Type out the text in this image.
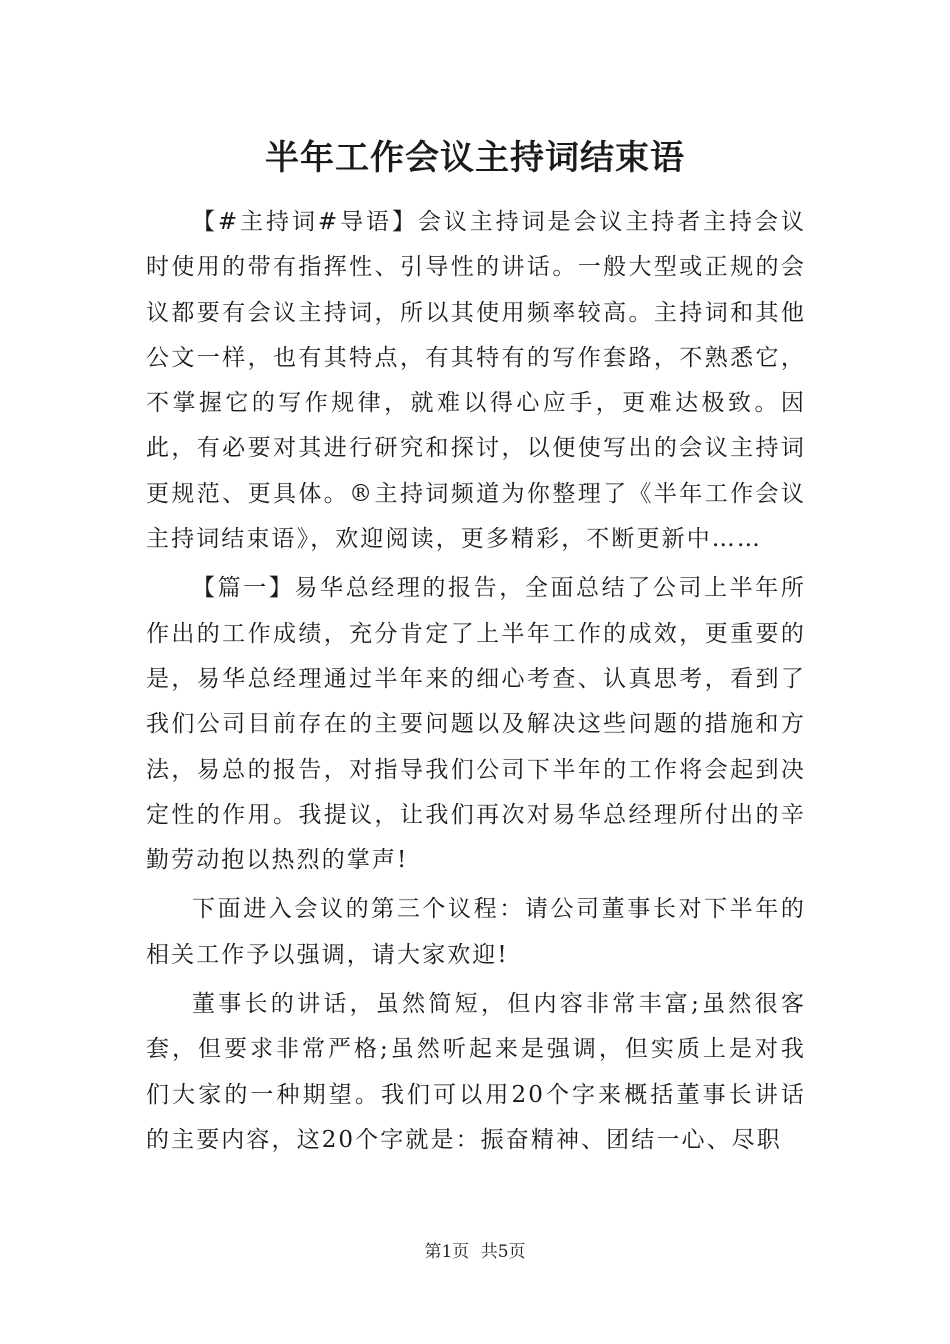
半年工作会议主持词结束语

【#主持词#导语】会议主持词是会议主持者主持会议时使用的带有指挥性、引导性的讲话。一般大型或正规的会议都要有会议主持词，所以其使用频率较高。主持词和其他公文一样，也有其特点，有其特有的写作套路，不熟悉它，不掌握它的写作规律，就难以得心应手，更难达极致。因此，有必要对其进行研究和探讨，以便使写出的会议主持词更规范、更具体。®主持词频道为你整理了《半年工作会议主持词结束语》，欢迎阅读，更多精彩，不断更新中……

【篇一】易华总经理的报告，全面总结了公司上半年所作出的工作成绩，充分肯定了上半年工作的成效，更重要的是，易华总经理通过半年来的细心考查、认真思考，看到了我们公司目前存在的主要问题以及解决这些问题的措施和方法，易总的报告，对指导我们公司下半年的工作将会起到决定性的作用。我提议，让我们再次对易华总经理所付出的辛勤劳动抱以热烈的掌声!

下面进入会议的第三个议程：请公司董事长对下半年的相关工作予以强调，请大家欢迎!

董事长的讲话，虽然简短，但内容非常丰富;虽然很客套，但要求非常严格;虽然听起来是强调，但实质上是对我们大家的一种期望。我们可以用20个字来概括董事长讲话的主要内容，这20个字就是：振奋精神、团结一心、尽职

第1页 共5页
